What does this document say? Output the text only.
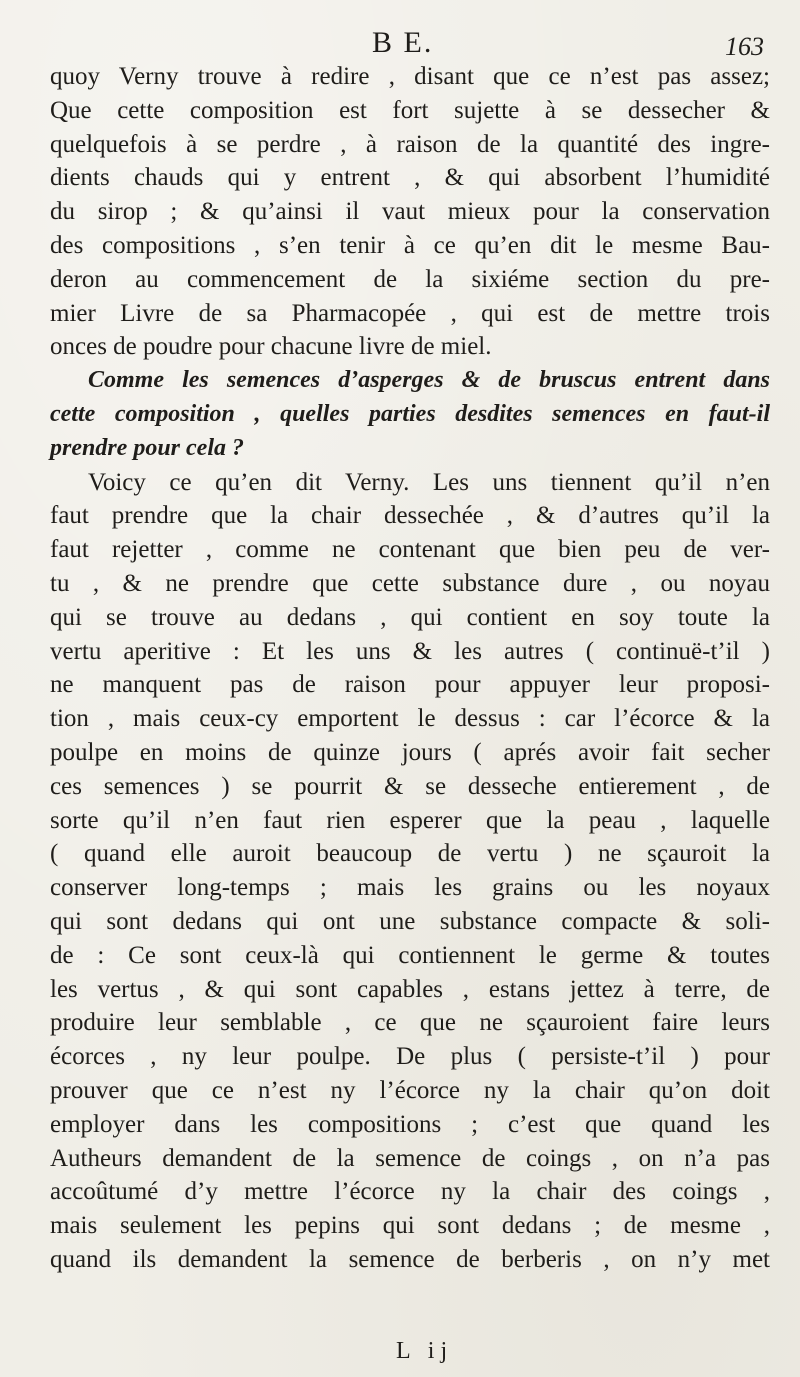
B E.	163
quoy Verny trouve à redire , disant que ce n’est pas assez;
Que cette composition est fort sujette à se dessecher &
quelquefois à se perdre , à raison de la quantité des ingre-
dients chauds qui y entrent , & qui absorbent l’humidité
du sirop ; & qu’ainsi il vaut mieux pour la conservation
des compositions , s’en tenir à ce qu’en dit le mesme Bau-
deron au commencement de la sixiéme section du pre-
mier Livre de sa Pharmacopée , qui est de mettre trois
onces de poudre pour chacune livre de miel.
Comme les semences d’asperges & de bruscus entrent dans
cette composition , quelles parties desdites semences en faut-il
prendre pour cela ?
Voicy ce qu’en dit Verny. Les uns tiennent qu’il n’en
faut prendre que la chair dessechée , & d’autres qu’il la
faut rejetter , comme ne contenant que bien peu de ver-
tu , & ne prendre que cette substance dure , ou noyau
qui se trouve au dedans , qui contient en soy toute la
vertu aperitive : Et les uns & les autres ( continuë-t’il )
ne manquent pas de raison pour appuyer leur proposi-
tion , mais ceux-cy emportent le dessus : car l’écorce & la
poulpe en moins de quinze jours ( aprés avoir fait secher
ces semences ) se pourrit & se desseche entierement , de
sorte qu’il n’en faut rien esperer que la peau , laquelle
( quand elle auroit beaucoup de vertu ) ne sçauroit la
conserver long-temps ; mais les grains ou les noyaux
qui sont dedans qui ont une substance compacte & soli-
de : Ce sont ceux-là qui contiennent le germe & toutes
les vertus , & qui sont capables , estans jettez à terre, de
produire leur semblable , ce que ne sçauroient faire leurs
écorces , ny leur poulpe. De plus ( persiste-t’il ) pour
prouver que ce n’est ny l’écorce ny la chair qu’on doit
employer dans les compositions ; c’est que quand les
Autheurs demandent de la semence de coings , on n’a pas
accoûtumé d’y mettre l’écorce ny la chair des coings ,
mais seulement les pepins qui sont dedans ; de mesme ,
quand ils demandent la semence de berberis , on n’y met
L ij
